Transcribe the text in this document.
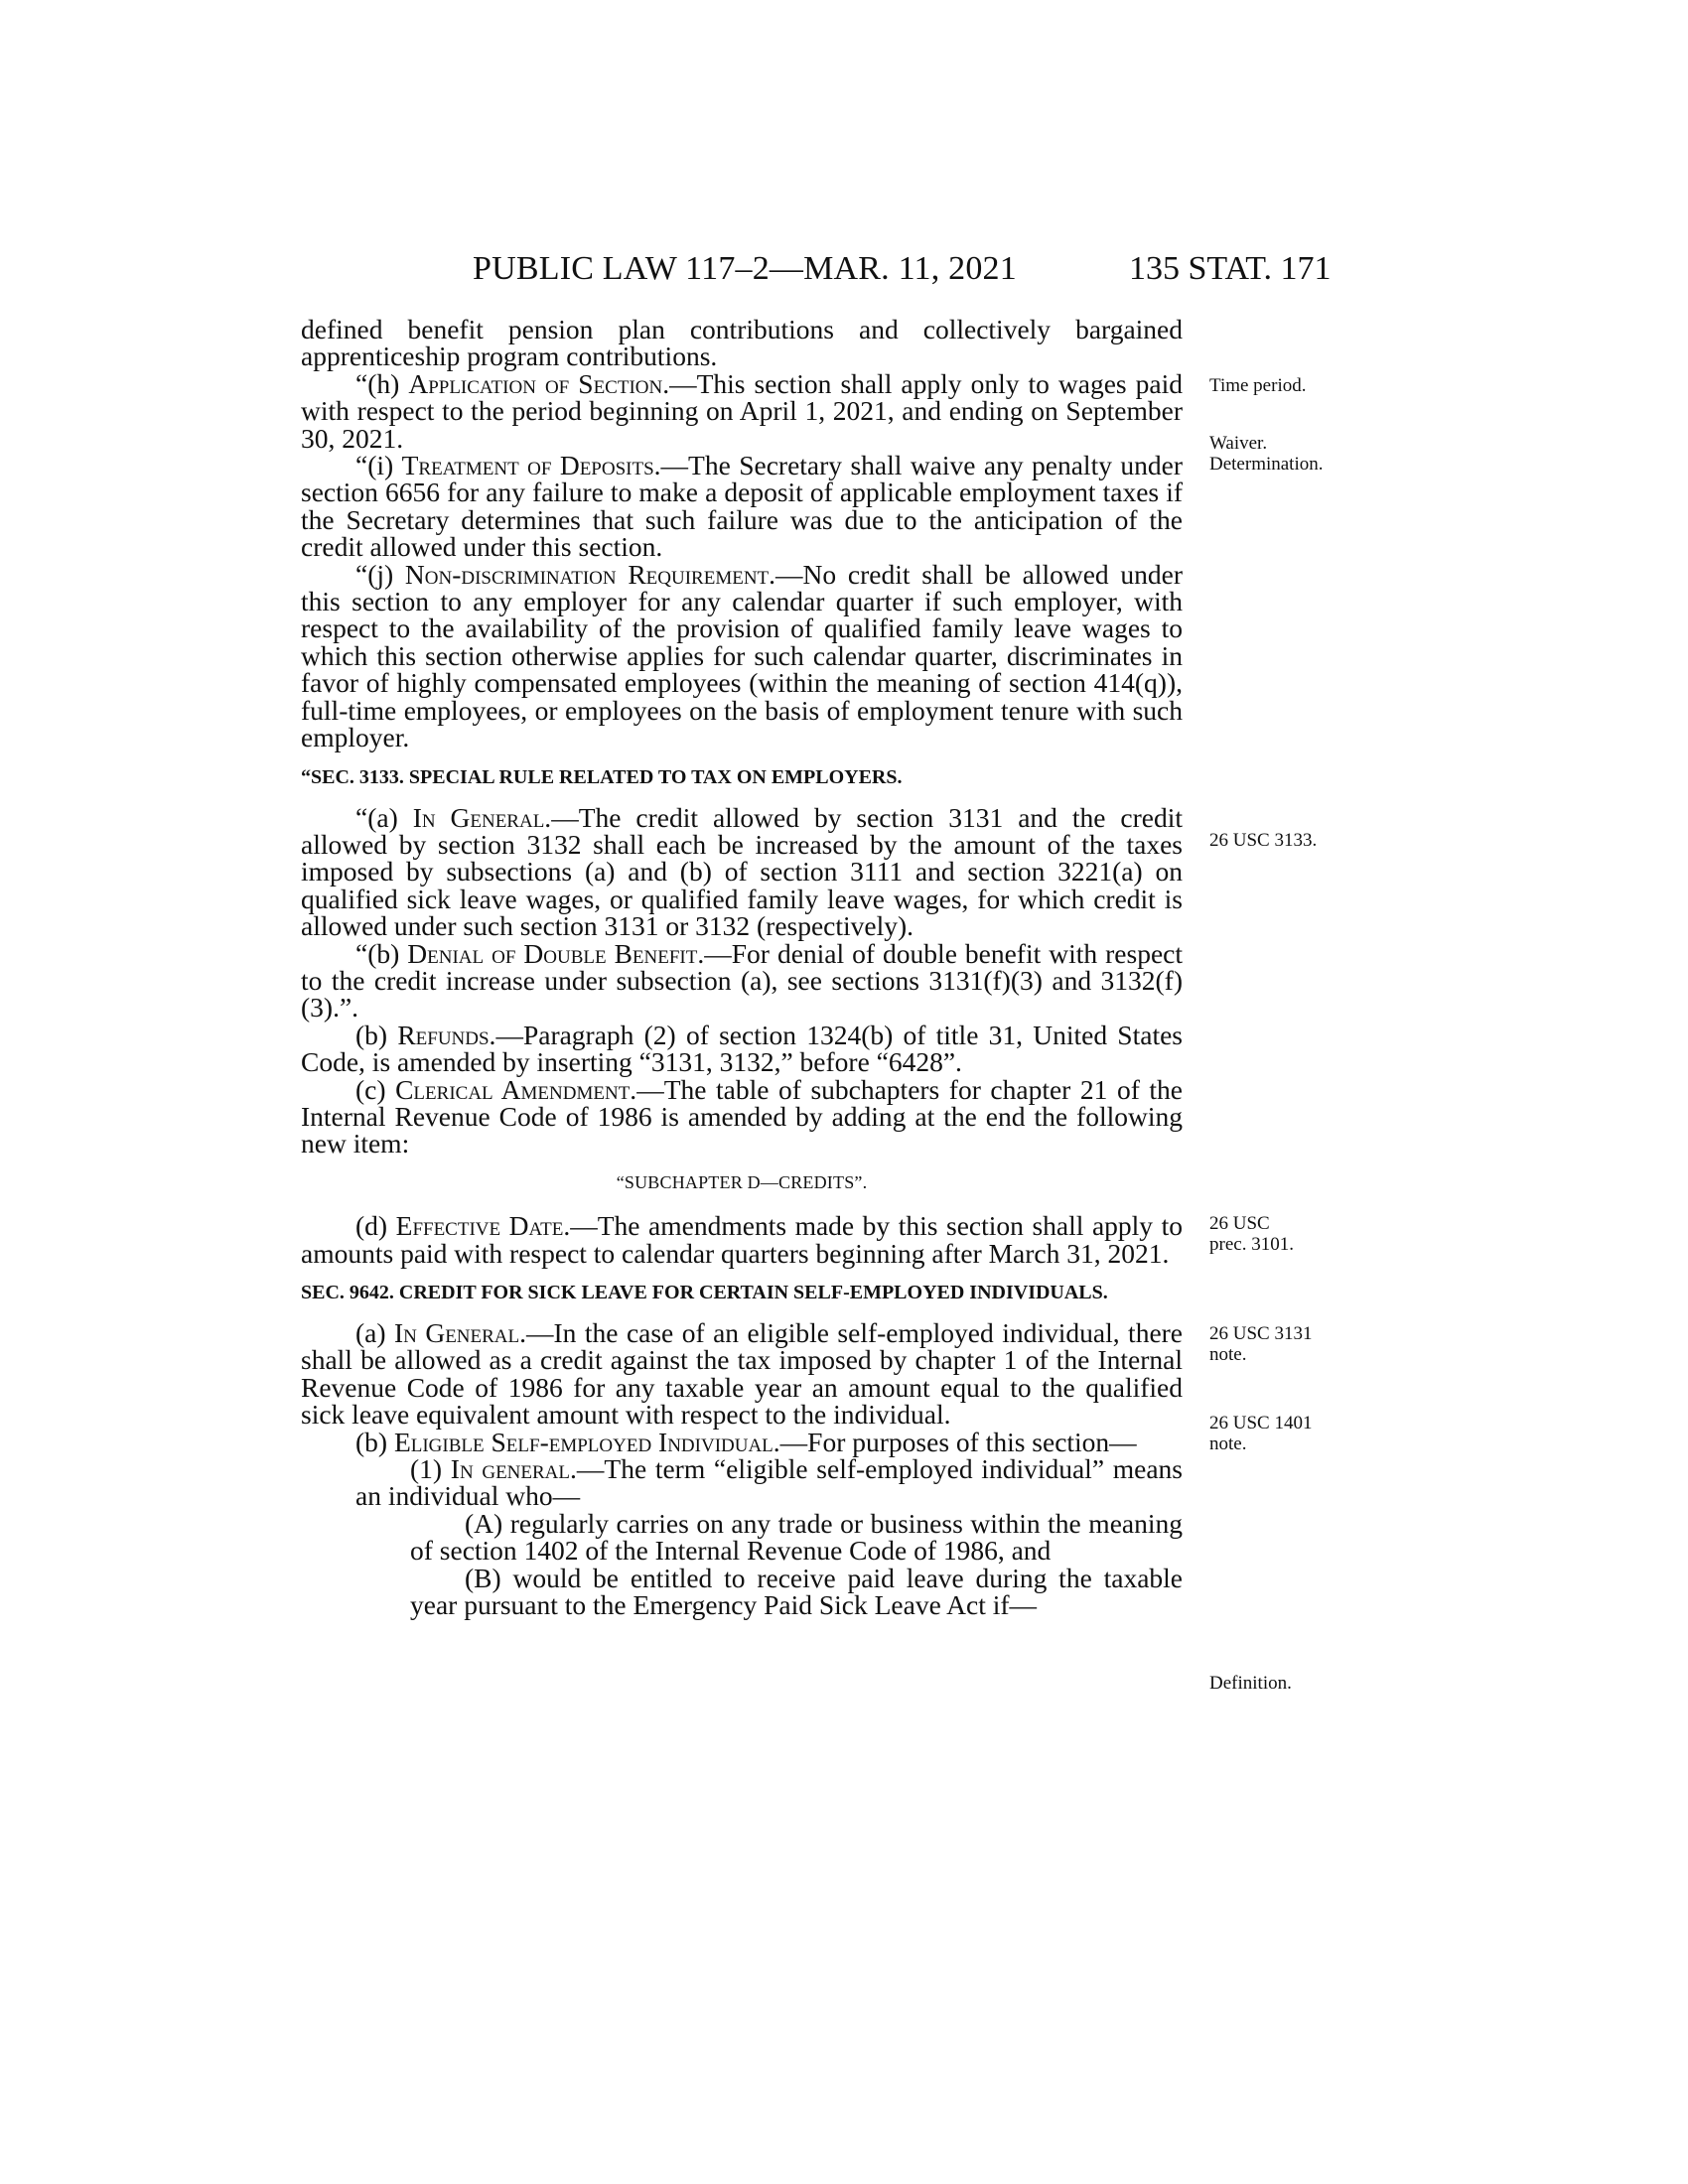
PUBLIC LAW 117–2—MAR. 11, 2021	135 STAT. 171

defined benefit pension plan contributions and collectively bargained apprenticeship program contributions.

“(h) Application of Section.—This section shall apply only to wages paid with respect to the period beginning on April 1, 2021, and ending on September 30, 2021.

“(i) Treatment of Deposits.—The Secretary shall waive any penalty under section 6656 for any failure to make a deposit of applicable employment taxes if the Secretary determines that such failure was due to the anticipation of the credit allowed under this section.

“(j) Non-discrimination Requirement.—No credit shall be allowed under this section to any employer for any calendar quarter if such employer, with respect to the availability of the provision of qualified family leave wages to which this section otherwise applies for such calendar quarter, discriminates in favor of highly compensated employees (within the meaning of section 414(q)), full-time employees, or employees on the basis of employment tenure with such employer.

“SEC. 3133. SPECIAL RULE RELATED TO TAX ON EMPLOYERS.

“(a) In General.—The credit allowed by section 3131 and the credit allowed by section 3132 shall each be increased by the amount of the taxes imposed by subsections (a) and (b) of section 3111 and section 3221(a) on qualified sick leave wages, or qualified family leave wages, for which credit is allowed under such section 3131 or 3132 (respectively).

“(b) Denial of Double Benefit.—For denial of double benefit with respect to the credit increase under subsection (a), see sections 3131(f)(3) and 3132(f)(3).”.

(b) Refunds.—Paragraph (2) of section 1324(b) of title 31, United States Code, is amended by inserting “3131, 3132,” before “6428”.

(c) Clerical Amendment.—The table of subchapters for chapter 21 of the Internal Revenue Code of 1986 is amended by adding at the end the following new item:

“SUBCHAPTER D—CREDITS”.

(d) Effective Date.—The amendments made by this section shall apply to amounts paid with respect to calendar quarters beginning after March 31, 2021.

SEC. 9642. CREDIT FOR SICK LEAVE FOR CERTAIN SELF-EMPLOYED INDIVIDUALS.

(a) In General.—In the case of an eligible self-employed individual, there shall be allowed as a credit against the tax imposed by chapter 1 of the Internal Revenue Code of 1986 for any taxable year an amount equal to the qualified sick leave equivalent amount with respect to the individual.

(b) Eligible Self-employed Individual.—For purposes of this section—

(1) In general.—The term “eligible self-employed individual” means an individual who—

(A) regularly carries on any trade or business within the meaning of section 1402 of the Internal Revenue Code of 1986, and

(B) would be entitled to receive paid leave during the taxable year pursuant to the Emergency Paid Sick Leave Act if—

Time period.
Waiver.
Determination.
26 USC 3133.
26 USC
prec. 3101.
26 USC 3131
note.
26 USC 1401
note.
Definition.
